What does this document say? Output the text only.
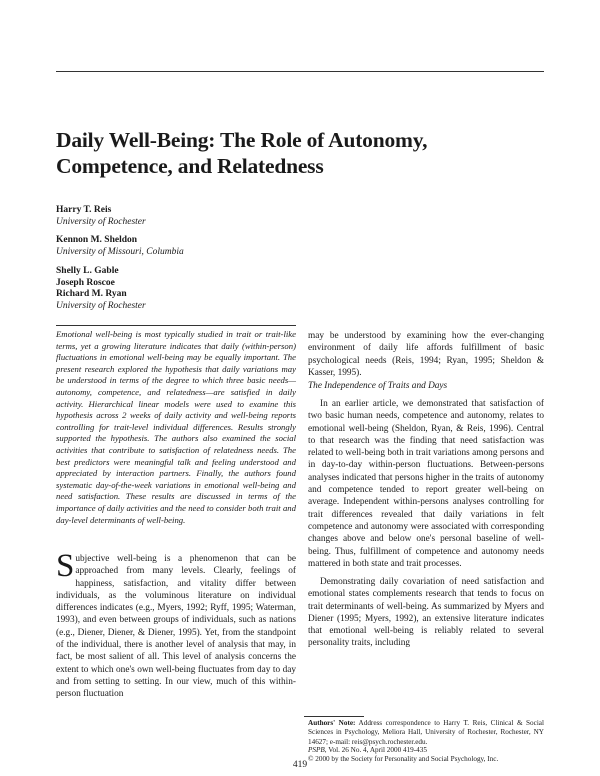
Daily Well-Being: The Role of Autonomy, Competence, and Relatedness
Harry T. Reis
University of Rochester
Kennon M. Sheldon
University of Missouri, Columbia
Shelly L. Gable
Joseph Roscoe
Richard M. Ryan
University of Rochester

Emotional well-being is most typically studied in trait or trait-like terms, yet a growing literature indicates that daily (within-person) fluctuations in emotional well-being may be equally important. The present research explored the hypothesis that daily variations may be understood in terms of the degree to which three basic needs—autonomy, competence, and relatedness—are satisfied in daily activity. Hierarchical linear models were used to examine this hypothesis across 2 weeks of daily activity and well-being reports controlling for trait-level individual differences. Results strongly supported the hypothesis. The authors also examined the social activities that contribute to satisfaction of relatedness needs. The best predictors were meaningful talk and feeling understood and appreciated by interaction partners. Finally, the authors found systematic day-of-the-week variations in emotional well-being and need satisfaction. These results are discussed in terms of the importance of daily activities and the need to consider both trait and day-level determinants of well-being.

Subjective well-being is a phenomenon that can be approached from many levels. Clearly, feelings of happiness, satisfaction, and vitality differ between individuals, as the voluminous literature on individual differences indicates (e.g., Myers, 1992; Ryff, 1995; Waterman, 1993), and even between groups of individuals, such as nations (e.g., Diener, Diener, & Diener, 1995). Yet, from the standpoint of the individual, there is another level of analysis that may, in fact, be most salient of all. This level of analysis concerns the extent to which one's own well-being fluctuates from day to day and from setting to setting. In our view, much of this within-person fluctuation

may be understood by examining how the ever-changing environment of daily life affords fulfillment of basic psychological needs (Reis, 1994; Ryan, 1995; Sheldon & Kasser, 1995).

The Independence of Traits and Days

In an earlier article, we demonstrated that satisfaction of two basic human needs, competence and autonomy, relates to emotional well-being (Sheldon, Ryan, & Reis, 1996). Central to that research was the finding that need satisfaction was related to well-being both in trait variations among persons and in day-to-day within-person fluctuations. Between-persons analyses indicated that persons higher in the traits of autonomy and competence tended to report greater well-being on average. Independent within-persons analyses controlling for trait differences revealed that daily variations in felt competence and autonomy were associated with corresponding changes above and below one's personal baseline of well-being. Thus, fulfillment of competence and autonomy needs mattered in both state and trait processes.

Demonstrating daily covariation of need satisfaction and emotional states complements research that tends to focus on trait determinants of well-being. As summarized by Myers and Diener (1995; Myers, 1992), an extensive literature indicates that emotional well-being is reliably related to several personality traits, including

Authors' Note: Address correspondence to Harry T. Reis, Clinical & Social Sciences in Psychology, Meliora Hall, University of Rochester, Rochester, NY 14627; e-mail: reis@psych.rochester.edu.
PSPB, Vol. 26 No. 4, April 2000 419-435
© 2000 by the Society for Personality and Social Psychology, Inc.
419
